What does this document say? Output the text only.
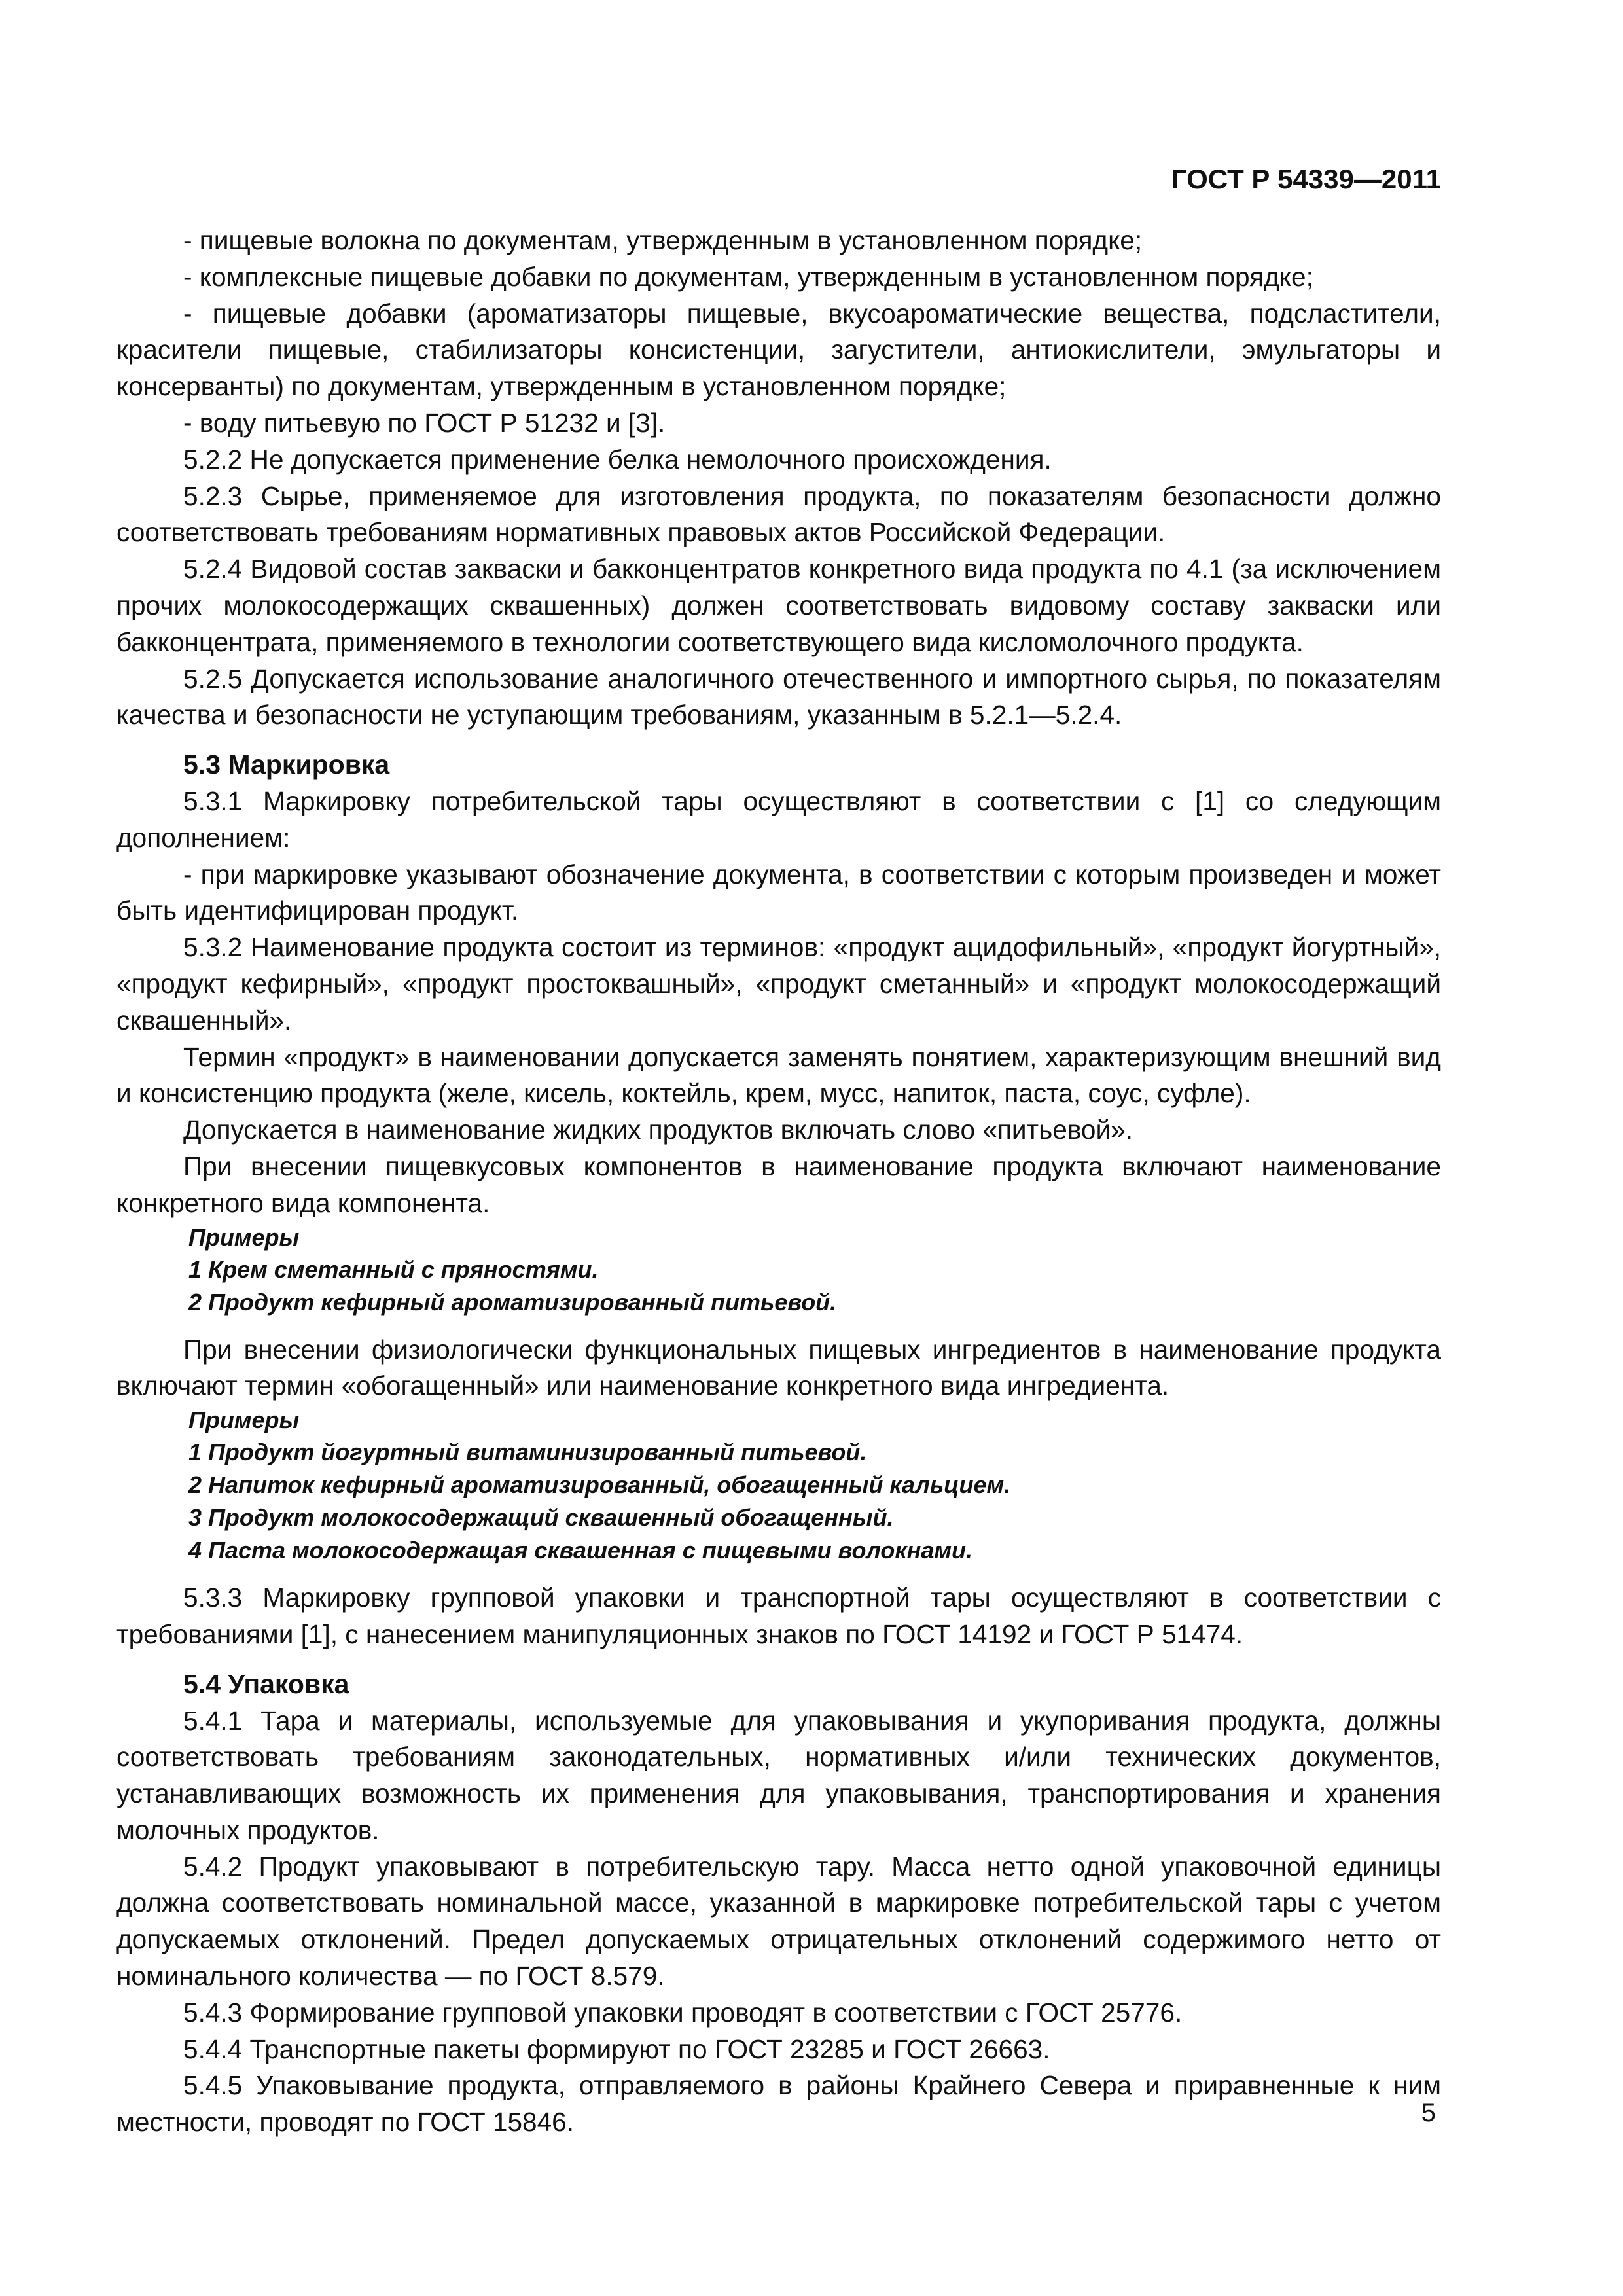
ГОСТ Р 54339—2011

- пищевые волокна по документам, утвержденным в установленном порядке;

- комплексные пищевые добавки по документам, утвержденным в установленном порядке;

- пищевые добавки (ароматизаторы пищевые, вкусоароматические вещества, подсластители, красители пищевые, стабилизаторы консистенции, загустители, антиокислители, эмульгаторы и консерванты) по документам, утвержденным в установленном порядке;

- воду питьевую по ГОСТ Р 51232 и [3].

5.2.2 Не допускается применение белка немолочного происхождения.

5.2.3 Сырье, применяемое для изготовления продукта, по показателям безопасности должно соответствовать требованиям нормативных правовых актов Российской Федерации.

5.2.4 Видовой состав закваски и бакконцентратов конкретного вида продукта по 4.1 (за исключением прочих молокосодержащих сквашенных) должен соответствовать видовому составу закваски или бакконцентрата, применяемого в технологии соответствующего вида кисломолочного продукта.

5.2.5 Допускается использование аналогичного отечественного и импортного сырья, по показателям качества и безопасности не уступающим требованиям, указанным в 5.2.1—5.2.4.

5.3 Маркировка

5.3.1 Маркировку потребительской тары осуществляют в соответствии с [1] со следующим дополнением:

- при маркировке указывают обозначение документа, в соответствии с которым произведен и может быть идентифицирован продукт.

5.3.2 Наименование продукта состоит из терминов: «продукт ацидофильный», «продукт йогуртный», «продукт кефирный», «продукт простоквашный», «продукт сметанный» и «продукт молокосодержащий сквашенный».

Термин «продукт» в наименовании допускается заменять понятием, характеризующим внешний вид и консистенцию продукта (желе, кисель, коктейль, крем, мусс, напиток, паста, соус, суфле).

Допускается в наименование жидких продуктов включать слово «питьевой».

При внесении пищевкусовых компонентов в наименование продукта включают наименование конкретного вида компонента.

Примеры

1 Крем сметанный с пряностями.

2 Продукт кефирный ароматизированный питьевой.

При внесении физиологически функциональных пищевых ингредиентов в наименование продукта включают термин «обогащенный» или наименование конкретного вида ингредиента.

Примеры

1 Продукт йогуртный витаминизированный питьевой.

2 Напиток кефирный ароматизированный, обогащенный кальцием.

3 Продукт молокосодержащий сквашенный обогащенный.

4 Паста молокосодержащая сквашенная с пищевыми волокнами.

5.3.3 Маркировку групповой упаковки и транспортной тары осуществляют в соответствии с требованиями [1], с нанесением манипуляционных знаков по ГОСТ 14192 и ГОСТ Р 51474.

5.4 Упаковка

5.4.1 Тара и материалы, используемые для упаковывания и укупоривания продукта, должны соответствовать требованиям законодательных, нормативных и/или технических документов, устанавливающих возможность их применения для упаковывания, транспортирования и хранения молочных продуктов.

5.4.2 Продукт упаковывают в потребительскую тару. Масса нетто одной упаковочной единицы должна соответствовать номинальной массе, указанной в маркировке потребительской тары с учетом допускаемых отклонений. Предел допускаемых отрицательных отклонений содержимого нетто от номинального количества — по ГОСТ 8.579.

5.4.3 Формирование групповой упаковки проводят в соответствии с ГОСТ 25776.

5.4.4 Транспортные пакеты формируют по ГОСТ 23285 и ГОСТ 26663.

5.4.5 Упаковывание продукта, отправляемого в районы Крайнего Севера и приравненные к ним местности, проводят по ГОСТ 15846.	5
